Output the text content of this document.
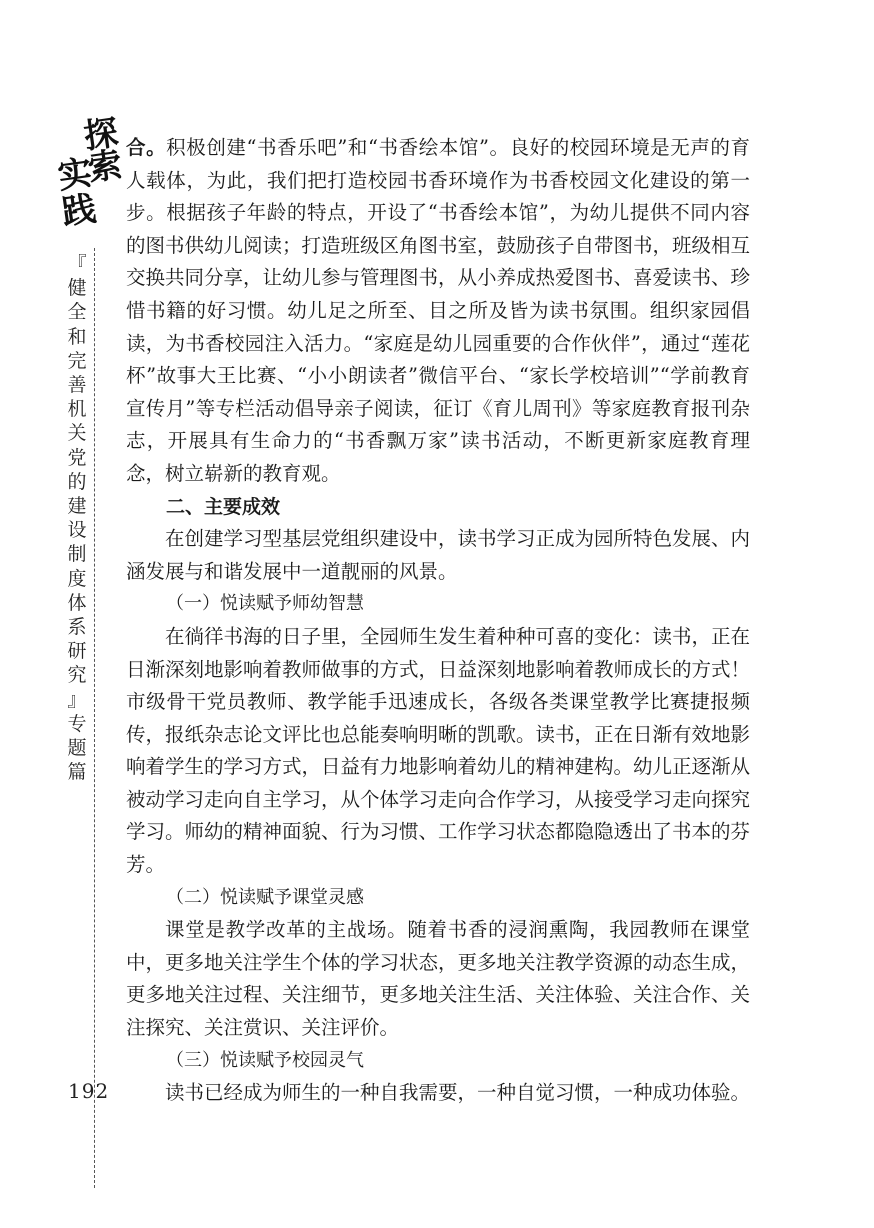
探
索
实
践
『
健
全
和
完
善
机
关
党
的
建
设
制
度
体
系
研
究
』
专
题
篇
192

合。积极创建“书香乐吧”和“书香绘本馆”。良好的校园环境是无声的育人载体，为此，我们把打造校园书香环境作为书香校园文化建设的第一步。根据孩子年龄的特点，开设了“书香绘本馆”，为幼儿提供不同内容的图书供幼儿阅读；打造班级区角图书室，鼓励孩子自带图书，班级相互交换共同分享，让幼儿参与管理图书，从小养成热爱图书、喜爱读书、珍惜书籍的好习惯。幼儿足之所至、目之所及皆为读书氛围。组织家园倡读，为书香校园注入活力。“家庭是幼儿园重要的合作伙伴”，通过“莲花杯”故事大王比赛、“小小朗读者”微信平台、“家长学校培训”“学前教育宣传月”等专栏活动倡导亲子阅读，征订《育儿周刊》等家庭教育报刊杂志，开展具有生命力的“书香飘万家”读书活动，不断更新家庭教育理念，树立崭新的教育观。

二、主要成效

在创建学习型基层党组织建设中，读书学习正成为园所特色发展、内涵发展与和谐发展中一道靓丽的风景。

（一）悦读赋予师幼智慧

在徜徉书海的日子里，全园师生发生着种种可喜的变化：读书，正在日渐深刻地影响着教师做事的方式，日益深刻地影响着教师成长的方式！市级骨干党员教师、教学能手迅速成长，各级各类课堂教学比赛捷报频传，报纸杂志论文评比也总能奏响明晰的凯歌。读书，正在日渐有效地影响着学生的学习方式，日益有力地影响着幼儿的精神建构。幼儿正逐渐从被动学习走向自主学习，从个体学习走向合作学习，从接受学习走向探究学习。师幼的精神面貌、行为习惯、工作学习状态都隐隐透出了书本的芬芳。

（二）悦读赋予课堂灵感

课堂是教学改革的主战场。随着书香的浸润熏陶，我园教师在课堂中，更多地关注学生个体的学习状态，更多地关注教学资源的动态生成，更多地关注过程、关注细节，更多地关注生活、关注体验、关注合作、关注探究、关注赏识、关注评价。

（三）悦读赋予校园灵气

读书已经成为师生的一种自我需要，一种自觉习惯，一种成功体验。
